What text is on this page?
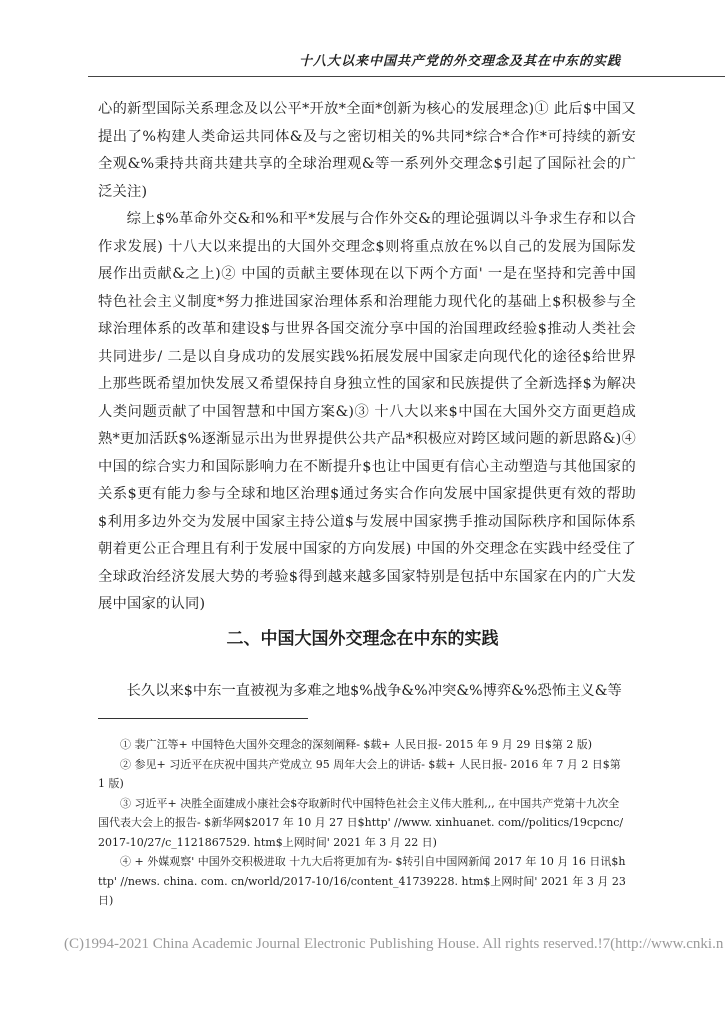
十八大以来中国共产党的外交理念及其在中东的实践

心的新型国际关系理念及以公平*开放*全面*创新为核心的发展理念)① 此后$中国又提出了%构建人类命运共同体&及与之密切相关的%共同*综合*合作*可持续的新安全观&%秉持共商共建共享的全球治理观&等一系列外交理念$引起了国际社会的广泛关注)

综上$%革命外交&和%和平*发展与合作外交&的理论强调以斗争求生存和以合作求发展) 十八大以来提出的大国外交理念$则将重点放在%以自己的发展为国际发展作出贡献&之上)② 中国的贡献主要体现在以下两个方面' 一是在坚持和完善中国特色社会主义制度*努力推进国家治理体系和治理能力现代化的基础上$积极参与全球治理体系的改革和建设$与世界各国交流分享中国的治国理政经验$推动人类社会共同进步/ 二是以自身成功的发展实践%拓展发展中国家走向现代化的途径$给世界上那些既希望加快发展又希望保持自身独立性的国家和民族提供了全新选择$为解决人类问题贡献了中国智慧和中国方案&)③ 十八大以来$中国在大国外交方面更趋成熟*更加活跃$%逐渐显示出为世界提供公共产品*积极应对跨区域问题的新思路&)④ 中国的综合实力和国际影响力在不断提升$也让中国更有信心主动塑造与其他国家的关系$更有能力参与全球和地区治理$通过务实合作向发展中国家提供更有效的帮助$利用多边外交为发展中国家主持公道$与发展中国家携手推动国际秩序和国际体系朝着更公正合理且有利于发展中国家的方向发展) 中国的外交理念在实践中经受住了全球政治经济发展大势的考验$得到越来越多国家特别是包括中东国家在内的广大发展中国家的认同)

二、中国大国外交理念在中东的实践
长久以来$中东一直被视为多难之地$%战争&%冲突&%博弈&%恐怖主义&等

① 裴广江等+ 中国特色大国外交理念的深刻阐释- $载+ 人民日报- 2015 年 9 月 29 日$第 2 版)

② 参见+ 习近平在庆祝中国共产党成立 95 周年大会上的讲话- $载+ 人民日报- 2016 年 7 月 2 日$第 1 版)

③ 习近平+ 决胜全面建成小康社会$夺取新时代中国特色社会主义伟大胜利,,, 在中国共产党第十九次全国代表大会上的报告- $新华网$2017 年 10 月 27 日$http' //www. xinhuanet. com//politics/19cpcnc/2017-10/27/c_1121867529. htm$上网时间' 2021 年 3 月 22 日)

④ + 外媒观察' 中国外交积极进取 十九大后将更加有为- $转引自中国网新闻 2017 年 10 月 16 日讯$http' //news. china. com. cn/world/2017-10/16/content_41739228. htm$上网时间' 2021 年 3 月 23 日)

(C)1994-2021 China Academic Journal Electronic Publishing House. All rights reserved.!7(http://www.cnki.n
